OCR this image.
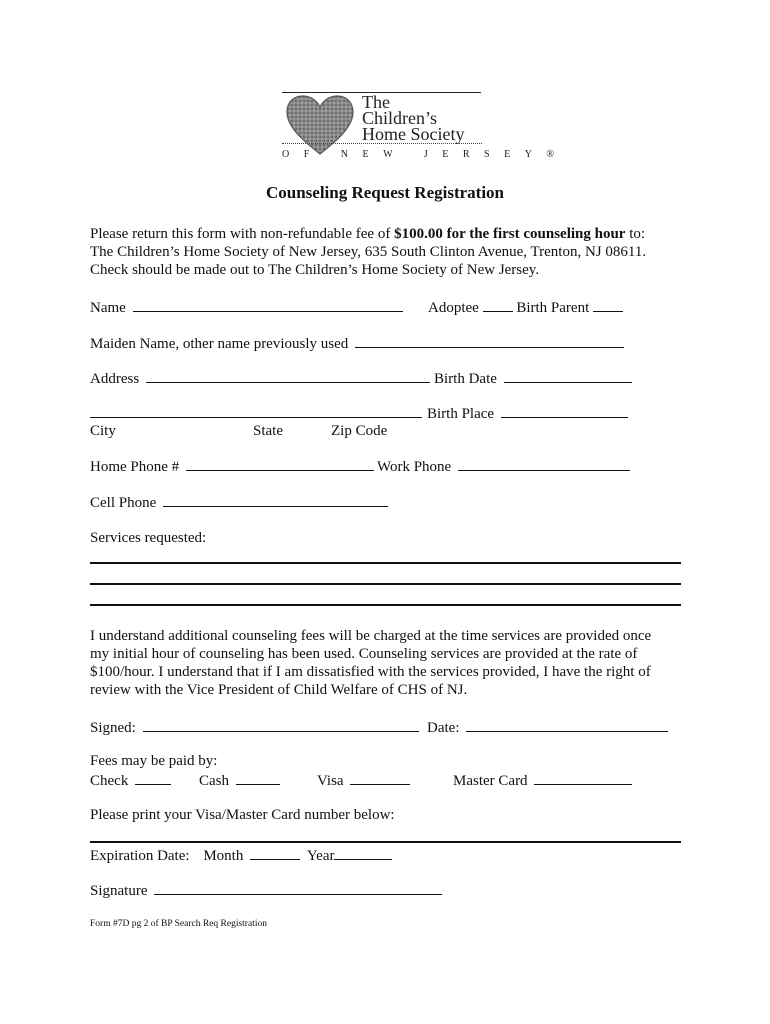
The
Children’s
Home Society
OF NEW JERSEY®
Counseling Request Registration
Please return this form with non-refundable fee of $100.00 for the first counseling hour to:
The Children’s Home Society of New Jersey, 635 South Clinton Avenue, Trenton, NJ 08611.
Check should be made out to The Children’s Home Society of New Jersey.
Name	Adoptee	Birth Parent
Maiden Name, other name previously used
Address	Birth Date
Birth Place
City	State	Zip Code
Home Phone #	Work Phone
Cell Phone
Services requested:
I understand additional counseling fees will be charged at the time services are provided once
my initial hour of counseling has been used. Counseling services are provided at the rate of
$100/hour. I understand that if I am dissatisfied with the services provided, I have the right of
review with the Vice President of Child Welfare of CHS of NJ.
Signed:	Date:
Fees may be paid by:
Check	Cash	Visa	Master Card
Please print your Visa/Master Card number below:
Expiration Date: Month	Year
Signature
Form #7D pg 2 of BP Search Req Registration
